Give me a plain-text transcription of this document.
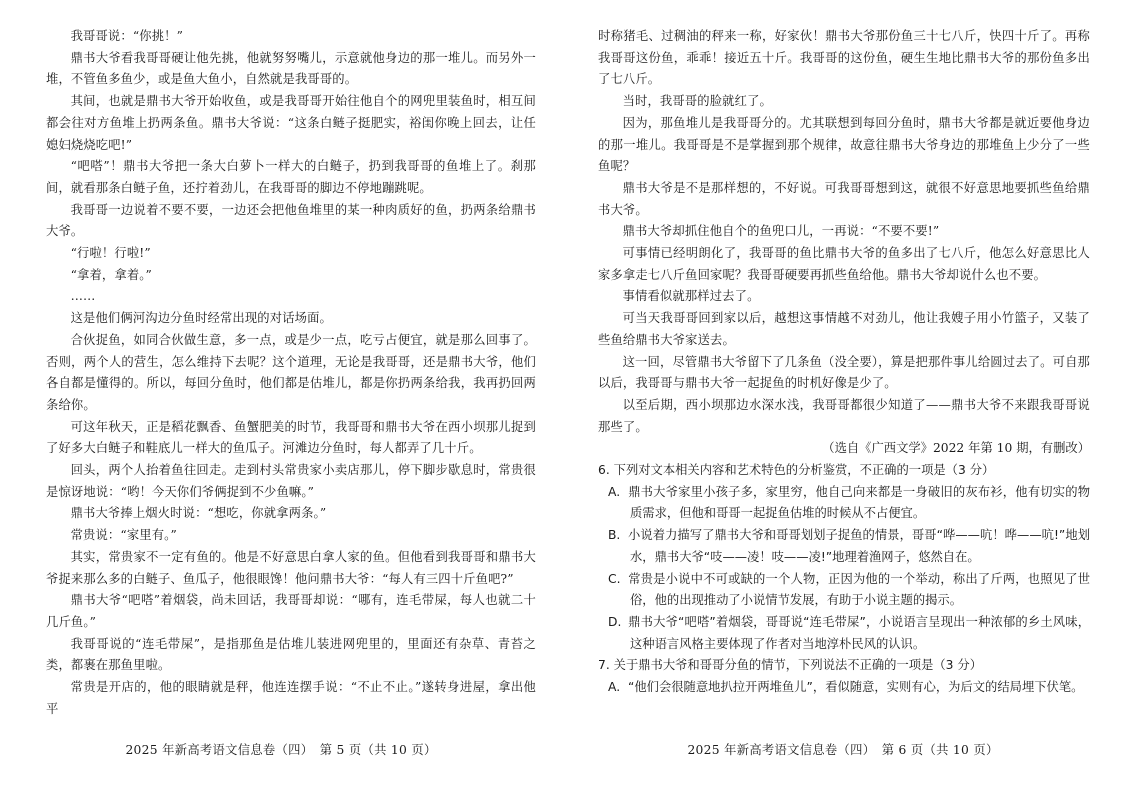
我哥哥说：“你挑！”

鼎书大爷看我哥哥硬让他先挑，他就努努嘴儿，示意就他身边的那一堆儿。而另外一堆，不管鱼多鱼少，或是鱼大鱼小，自然就是我哥哥的。

其间，也就是鼎书大爷开始收鱼，或是我哥哥开始往他自个的网兜里装鱼时，相互间都会往对方鱼堆上扔两条鱼。鼎书大爷说：“这条白鲢子挺肥实，裕闺你晚上回去，让任媳妇烧烧吃吧!”

“吧嗒”！鼎书大爷把一条大白萝卜一样大的白鲢子，扔到我哥哥的鱼堆上了。刹那间，就看那条白鲢子鱼，还拧着劲儿，在我哥哥的脚边不停地蹦跳呢。

我哥哥一边说着不要不要，一边还会把他鱼堆里的某一种肉质好的鱼，扔两条给鼎书大爷。

“行啦！行啦!”

“拿着，拿着。”

……

这是他们俩河沟边分鱼时经常出现的对话场面。

合伙捉鱼，如同合伙做生意，多一点，或是少一点，吃亏占便宜，就是那么回事了。否则，两个人的营生，怎么维持下去呢？这个道理，无论是我哥哥，还是鼎书大爷，他们各自都是懂得的。所以，每回分鱼时，他们都是估堆儿，都是你扔两条给我，我再扔回两条给你。

可这年秋天，正是稻花飘香、鱼蟹肥美的时节，我哥哥和鼎书大爷在西小坝那儿捉到了好多大白鲢子和鞋底儿一样大的鱼瓜子。河滩边分鱼时，每人都弄了几十斤。

回头，两个人抬着鱼往回走。走到村头常贵家小卖店那儿，停下脚步歇息时，常贵很是惊讶地说：“哟！今天你们爷俩捉到不少鱼嘛。”

鼎书大爷捧上烟火时说：“想吃，你就拿两条。”

常贵说：“家里有。”

其实，常贵家不一定有鱼的。他是不好意思白拿人家的鱼。但他看到我哥哥和鼎书大爷捉来那么多的白鲢子、鱼瓜子，他很眼馋！他问鼎书大爷：“每人有三四十斤鱼吧?”

鼎书大爷“吧嗒”着烟袋，尚未回话，我哥哥却说：“哪有，连毛带屎，每人也就二十几斤鱼。”

我哥哥说的“连毛带屎”，是指那鱼是估堆儿装进网兜里的，里面还有杂草、青苔之类，都裹在那鱼里啦。

常贵是开店的，他的眼睛就是秤，他连连摆手说：“不止不止。”遂转身进屋，拿出他平

2025 年新高考语文信息卷（四）　第 5 页（共 10 页）

时称猪毛、过稠油的秤来一称，好家伙！鼎书大爷那份鱼三十七八斤，快四十斤了。再称我哥哥这份鱼，乖乖！接近五十斤。我哥哥的这份鱼，硬生生地比鼎书大爷的那份鱼多出了七八斤。

当时，我哥哥的脸就红了。

因为，那鱼堆儿是我哥哥分的。尤其联想到每回分鱼时，鼎书大爷都是就近要他身边的那一堆儿。我哥哥是不是掌握到那个规律，故意往鼎书大爷身边的那堆鱼上少分了一些鱼呢？

鼎书大爷是不是那样想的，不好说。可我哥哥想到这，就很不好意思地要抓些鱼给鼎书大爷。

鼎书大爷却抓住他自个的鱼兜口儿，一再说：“不要不要!”

可事情已经明朗化了，我哥哥的鱼比鼎书大爷的鱼多出了七八斤，他怎么好意思比人家多拿走七八斤鱼回家呢？我哥哥硬要再抓些鱼给他。鼎书大爷却说什么也不要。

事情看似就那样过去了。

可当天我哥哥回到家以后，越想这事情越不对劲儿，他让我嫂子用小竹篮子，又装了些鱼给鼎书大爷家送去。

这一回，尽管鼎书大爷留下了几条鱼（没全要），算是把那件事儿给圆过去了。可自那以后，我哥哥与鼎书大爷一起捉鱼的时机好像是少了。

以至后期，西小坝那边水深水浅，我哥哥都很少知道了——鼎书大爷不来跟我哥哥说那些了。

（选自《广西文学》2022 年第 10 期，有删改）

6. 下列对文本相关内容和艺术特色的分析鉴赏，不正确的一项是（3 分）

A. 鼎书大爷家里小孩子多，家里穷，他自己向来都是一身破旧的灰布衫，他有切实的物质需求，但他和哥哥一起捉鱼估堆的时候从不占便宜。

B. 小说着力描写了鼎书大爷和哥哥划划子捉鱼的情景，哥哥“哗——吭！哗——吭!”地划水，鼎书大爷“吱——凌！吱——凌!”地理着渔网子，悠然自在。

C. 常贵是小说中不可或缺的一个人物，正因为他的一个举动，称出了斤两，也照见了世俗，他的出现推动了小说情节发展，有助于小说主题的揭示。

D. 鼎书大爷“吧嗒”着烟袋，哥哥说“连毛带屎”，小说语言呈现出一种浓郁的乡土风味，这种语言风格主要体现了作者对当地淳朴民风的认识。

7. 关于鼎书大爷和哥哥分鱼的情节，下列说法不正确的一项是（3 分）

A. “他们会很随意地扒拉开两堆鱼儿”，看似随意，实则有心，为后文的结局埋下伏笔。

2025 年新高考语文信息卷（四）　第 6 页（共 10 页）
